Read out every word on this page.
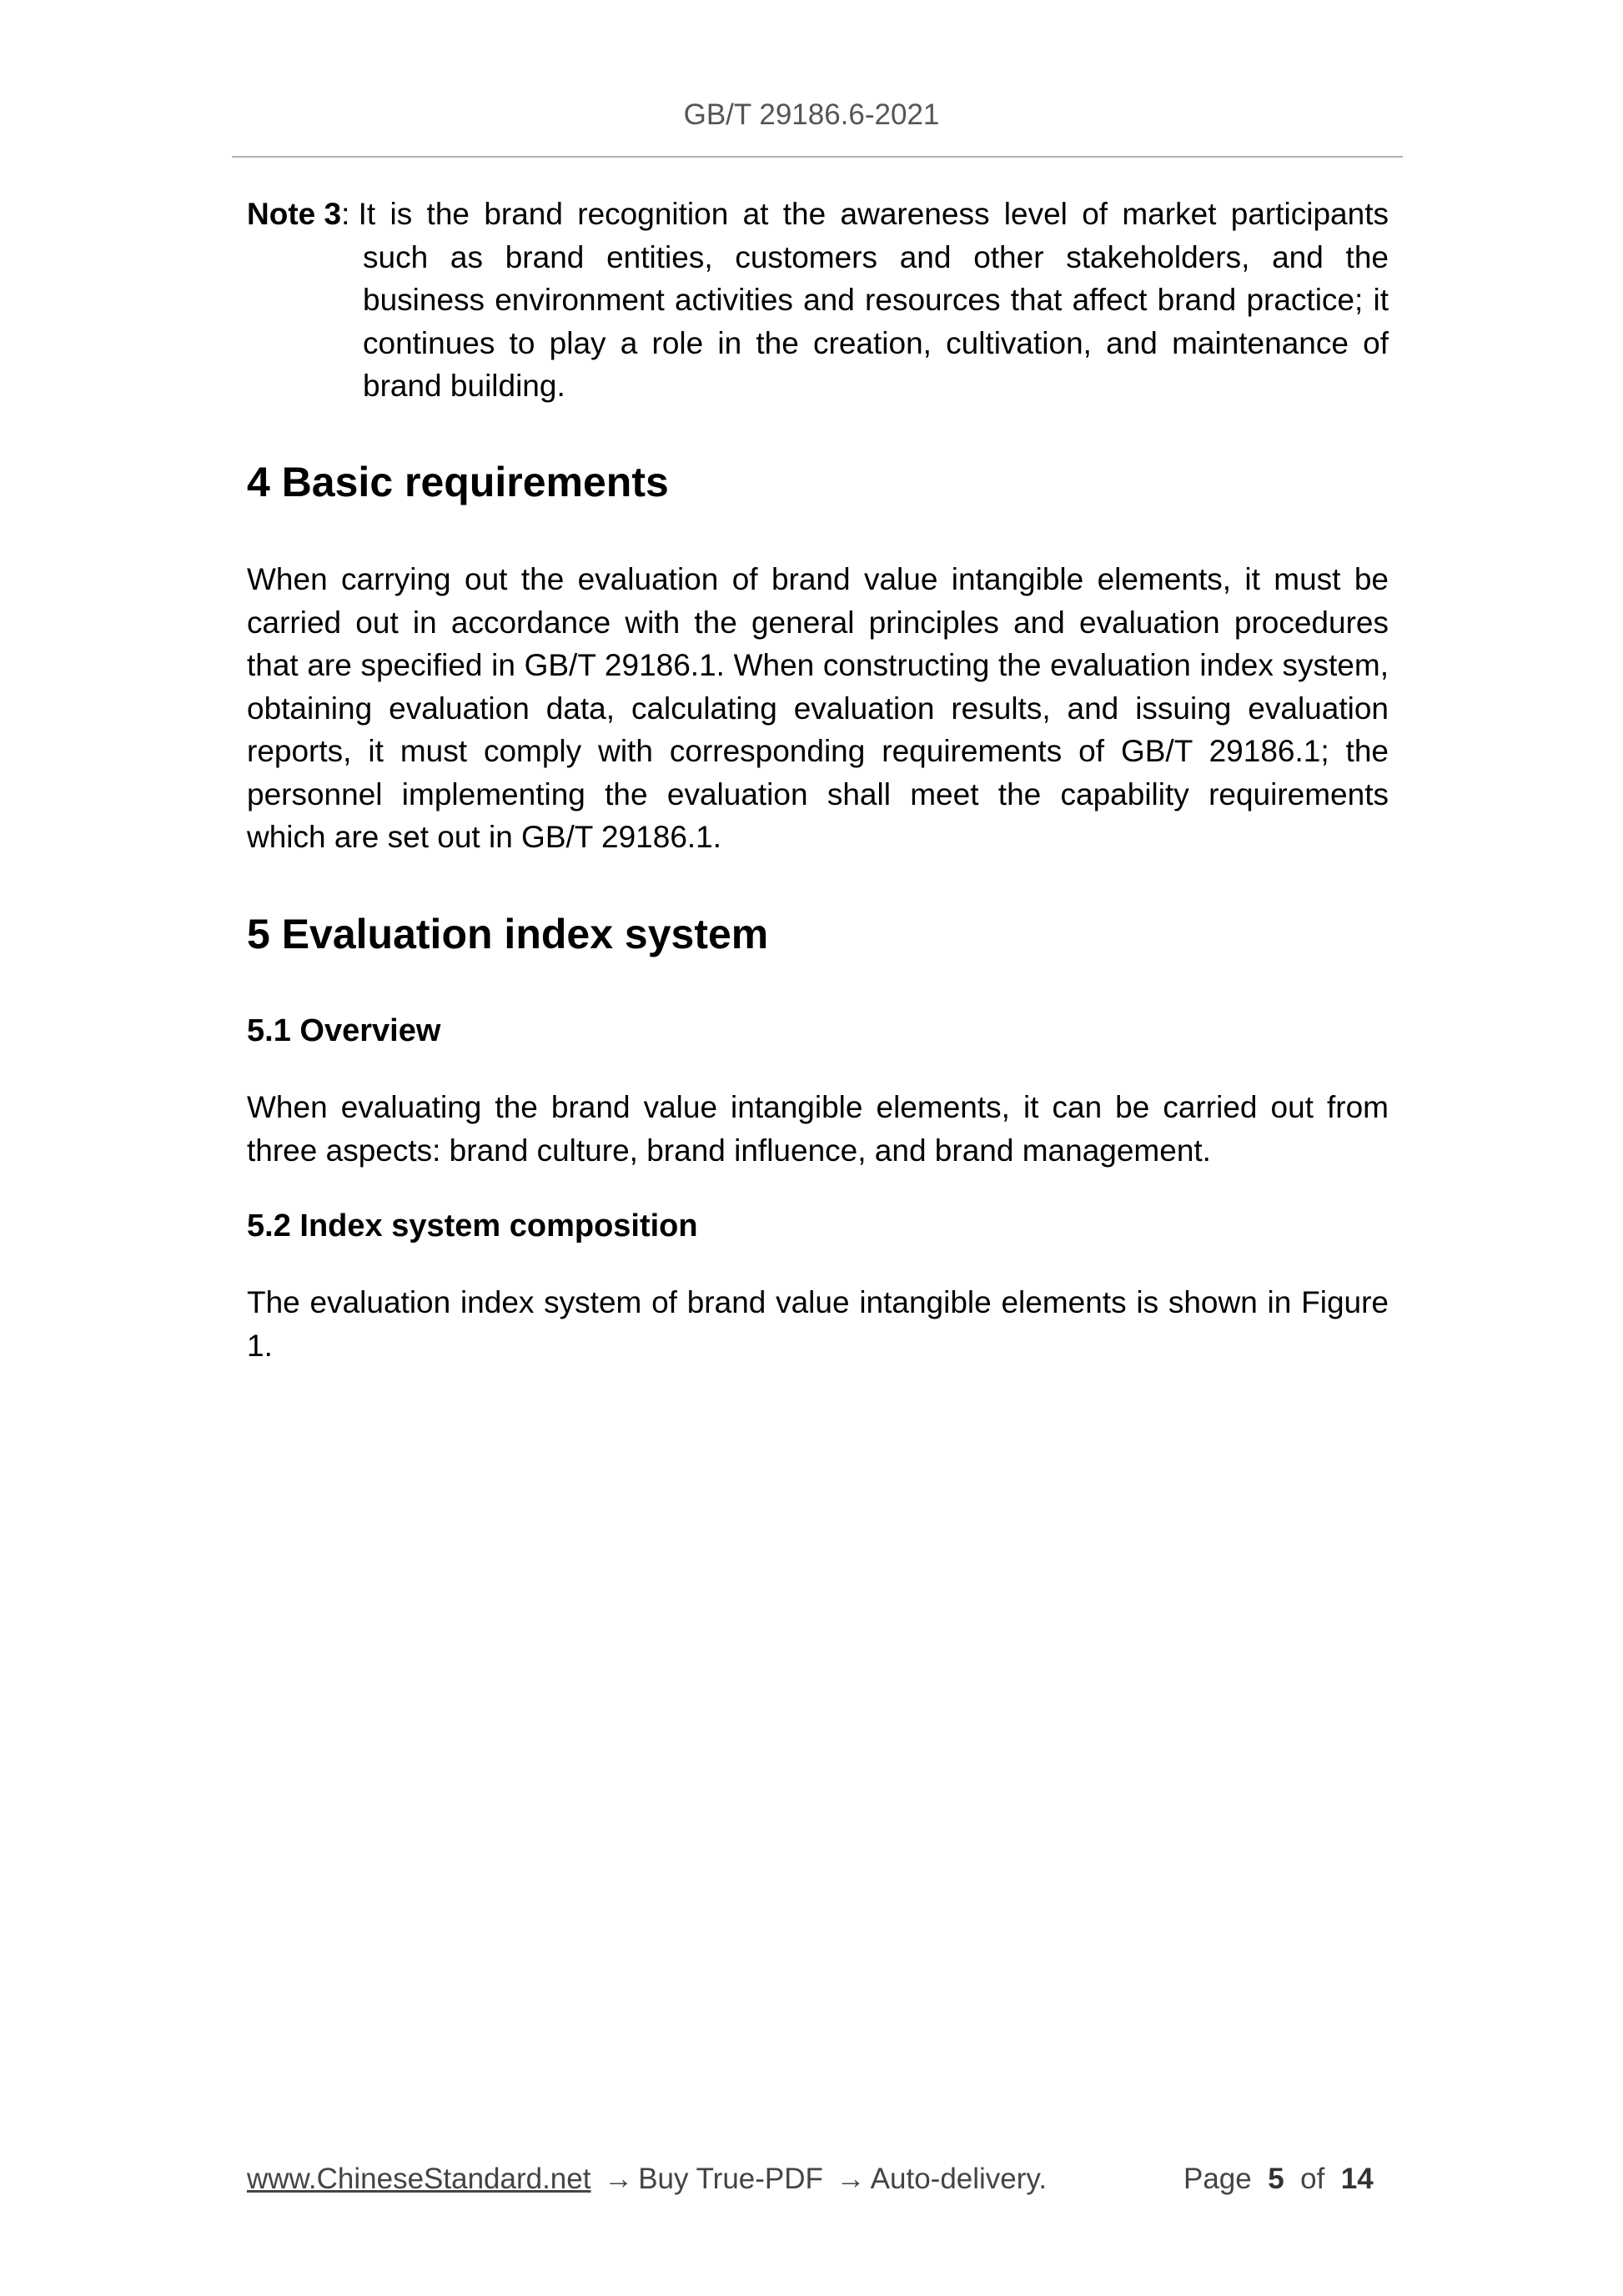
GB/T 29186.6-2021
Note 3 : It is the brand recognition at the awareness level of market participants
such as brand entities, customers and other stakeholders, and the business environment activities and resources that affect brand practice; it continues to play a role in the creation, cultivation, and maintenance of brand building.
4 Basic requirements
When carrying out the evaluation of brand value intangible elements, it must be carried out in accordance with the general principles and evaluation procedures that are specified in GB/T 29186.1. When constructing the evaluation index system, obtaining evaluation data, calculating evaluation results, and issuing evaluation reports, it must comply with corresponding requirements of GB/T 29186.1; the personnel implementing the evaluation shall meet the capability requirements which are set out in GB/T 29186.1.
5 Evaluation index system
5.1 Overview
When evaluating the brand value intangible elements, it can be carried out from three aspects: brand culture, brand influence, and brand management.
5.2 Index system composition
The evaluation index system of brand value intangible elements is shown in Figure 1.
www.ChineseStandard.net → Buy True-PDF → Auto-delivery.	Page 5 of 14
